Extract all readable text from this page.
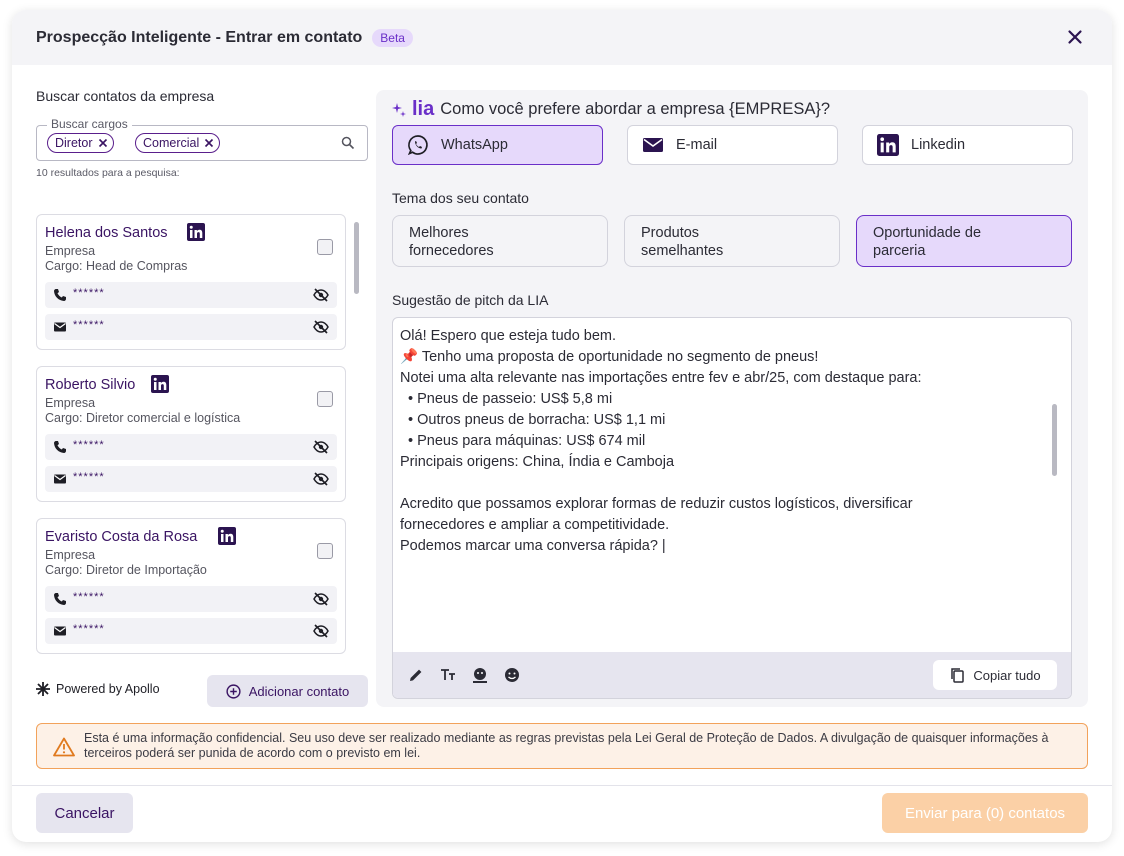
Prospecção Inteligente - Entrar em contato	Beta
Buscar contatos da empresa
Buscar cargos
Diretor	Comercial
10 resultados para a pesquisa:
Helena dos Santos
Empresa
Cargo: Head de Compras
******
******
Roberto Silvio
Empresa
Cargo: Diretor comercial e logística
******
******
Evaristo Costa da Rosa
Empresa
Cargo: Diretor de Importação
******
******
Powered by Apollo	Adicionar contato
lia Como você prefere abordar a empresa {EMPRESA}?
WhatsApp	E-mail	Linkedin
Tema dos seu contato
Melhores
fornecedores
Produtos
semelhantes
Oportunidade de
parceria
Sugestão de pitch da LIA
Olá! Espero que esteja tudo bem.
📌 Tenho uma proposta de oportunidade no segmento de pneus!
Notei uma alta relevante nas importações entre fev e abr/25, com destaque para:
• Pneus de passeio: US$ 5,8 mi
• Outros pneus de borracha: US$ 1,1 mi
• Pneus para máquinas: US$ 674 mil
Principais origens: China, Índia e Camboja
Acredito que possamos explorar formas de reduzir custos logísticos, diversificar
fornecedores e ampliar a competitividade.
Podemos marcar uma conversa rápida? |
Copiar tudo
Esta é uma informação confidencial. Seu uso deve ser realizado mediante as regras previstas pela Lei Geral de Proteção de Dados. A divulgação de quaisquer informações à terceiros poderá ser punida de acordo com o previsto em lei.
Cancelar	Enviar para (0) contatos
